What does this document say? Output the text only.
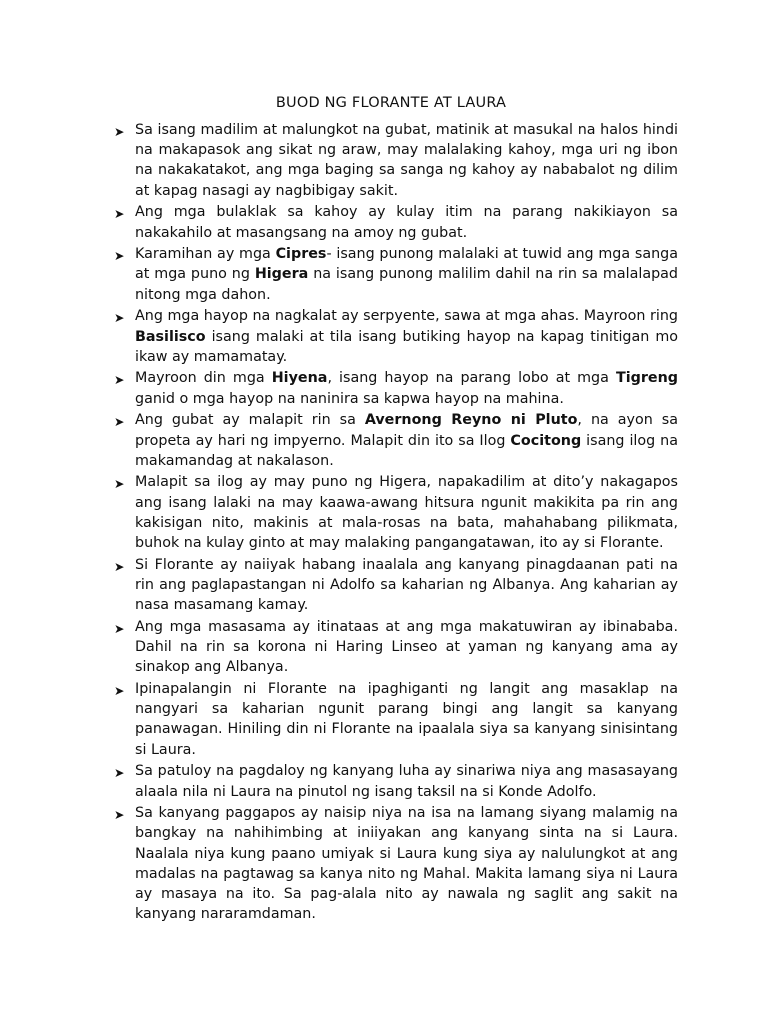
BUOD NG FLORANTE AT LAURA
➤ Sa isang madilim at malungkot na gubat, matinik at masukal na halos hindi na makapasok ang sikat ng araw, may malalaking kahoy, mga uri ng ibon na nakakatakot, ang mga baging sa sanga ng kahoy ay nababalot ng dilim at kapag nasagi ay nagbibigay sakit.
➤ Ang mga bulaklak sa kahoy ay kulay itim na parang nakikiayon sa nakakahilo at masangsang na amoy ng gubat.
➤ Karamihan ay mga Cipres- isang punong malalaki at tuwid ang mga sanga at mga puno ng Higera na isang punong malilim dahil na rin sa malalapad nitong mga dahon.
➤ Ang mga hayop na nagkalat ay serpyente, sawa at mga ahas. Mayroon ring Basilisco isang malaki at tila isang butiking hayop na kapag tinitigan mo ikaw ay mamamatay.
➤ Mayroon din mga Hiyena, isang hayop na parang lobo at mga Tigreng ganid o mga hayop na naninira sa kapwa hayop na mahina.
➤ Ang gubat ay malapit rin sa Avernong Reyno ni Pluto, na ayon sa propeta ay hari ng impyerno. Malapit din ito sa Ilog Cocitong isang ilog na makamandag at nakalason.
➤ Malapit sa ilog ay may puno ng Higera, napakadilim at dito’y nakagapos ang isang lalaki na may kaawa-awang hitsura ngunit makikita pa rin ang kakisigan nito, makinis at mala-rosas na bata, mahahabang pilikmata, buhok na kulay ginto at may malaking pangangatawan, ito ay si Florante.
➤ Si Florante ay naiiyak habang inaalala ang kanyang pinagdaanan pati na rin ang paglapastangan ni Adolfo sa kaharian ng Albanya. Ang kaharian ay nasa masamang kamay.
➤ Ang mga masasama ay itinataas at ang mga makatuwiran ay ibinababa. Dahil na rin sa korona ni Haring Linseo at yaman ng kanyang ama ay sinakop ang Albanya.
➤ Ipinapalangin ni Florante na ipaghiganti ng langit ang masaklap na nangyari sa kaharian ngunit parang bingi ang langit sa kanyang panawagan. Hiniling din ni Florante na ipaalala siya sa kanyang sinisintang si Laura.
➤ Sa patuloy na pagdaloy ng kanyang luha ay sinariwa niya ang masasayang alaala nila ni Laura na pinutol ng isang taksil na si Konde Adolfo.
➤ Sa kanyang paggapos ay naisip niya na isa na lamang siyang malamig na bangkay na nahihimbing at iniiyakan ang kanyang sinta na si Laura. Naalala niya kung paano umiyak si Laura kung siya ay nalulungkot at ang madalas na pagtawag sa kanya nito ng Mahal. Makita lamang siya ni Laura ay masaya na ito. Sa pag-alala nito ay nawala ng saglit ang sakit na kanyang nararamdaman.
